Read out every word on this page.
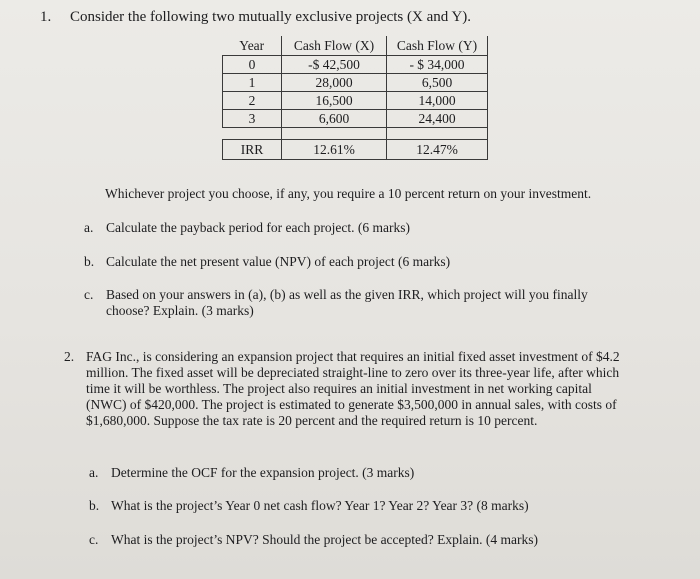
1. Consider the following two mutually exclusive projects (X and Y).
Year	Cash Flow (X)	Cash Flow (Y)
0	-$ 42,500	- $ 34,000
1	28,000	6,500
2	16,500	14,000
3	6,600	24,400

IRR	12.61%	12.47%
Whichever project you choose, if any, you require a 10 percent return on your investment.
a. Calculate the payback period for each project. (6 marks)
b. Calculate the net present value (NPV) of each project (6 marks)
c. Based on your answers in (a), (b) as well as the given IRR, which project will you finally choose? Explain. (3 marks)
2. FAG Inc., is considering an expansion project that requires an initial fixed asset investment of $4.2 million. The fixed asset will be depreciated straight-line to zero over its three-year life, after which time it will be worthless. The project also requires an initial investment in net working capital (NWC) of $420,000. The project is estimated to generate $3,500,000 in annual sales, with costs of $1,680,000. Suppose the tax rate is 20 percent and the required return is 10 percent.
a. Determine the OCF for the expansion project. (3 marks)
b. What is the project’s Year 0 net cash flow? Year 1? Year 2? Year 3? (8 marks)
c. What is the project’s NPV? Should the project be accepted? Explain. (4 marks)
